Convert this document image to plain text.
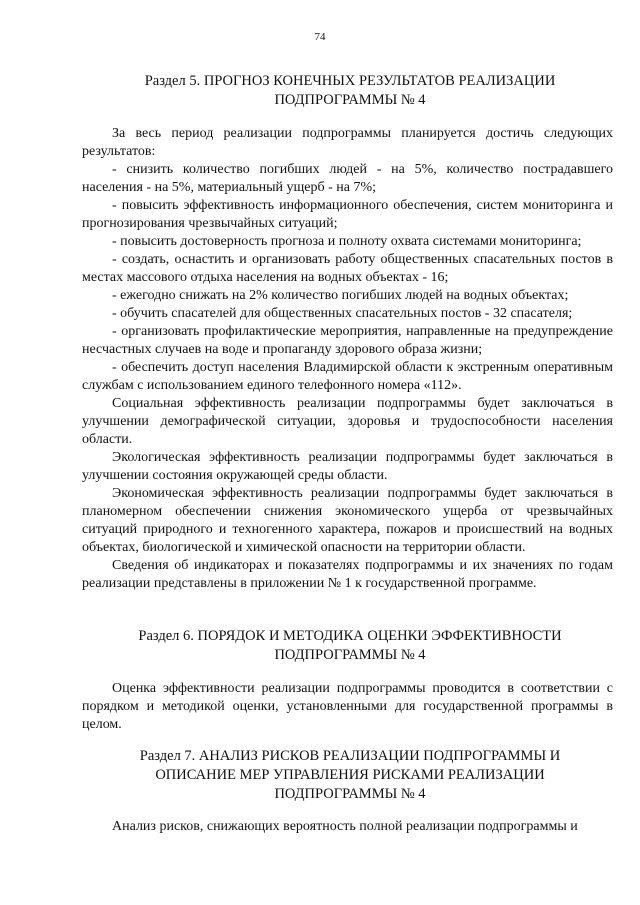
74
Раздел 5. ПРОГНОЗ КОНЕЧНЫХ РЕЗУЛЬТАТОВ РЕАЛИЗАЦИИ
ПОДПРОГРАММЫ № 4

За весь период реализации подпрограммы планируется достичь следующих результатов:

- снизить количество погибших людей - на 5%, количество пострадавшего населения - на 5%, материальный ущерб - на 7%;

- повысить эффективность информационного обеспечения, систем мониторинга и прогнозирования чрезвычайных ситуаций;

- повысить достоверность прогноза и полноту охвата системами мониторинга;

- создать, оснастить и организовать работу общественных спасательных постов в местах массового отдыха населения на водных объектах - 16;

- ежегодно снижать на 2% количество погибших людей на водных объектах;

- обучить спасателей для общественных спасательных постов - 32 спасателя;

- организовать профилактические мероприятия, направленные на предупреждение несчастных случаев на воде и пропаганду здорового образа жизни;

- обеспечить доступ населения Владимирской области к экстренным оперативным службам с использованием единого телефонного номера «112».

Социальная эффективность реализации подпрограммы будет заключаться в улучшении демографической ситуации, здоровья и трудоспособности населения области.

Экологическая эффективность реализации подпрограммы будет заключаться в улучшении состояния окружающей среды области.

Экономическая эффективность реализации подпрограммы будет заключаться в планомерном обеспечении снижения экономического ущерба от чрезвычайных ситуаций природного и техногенного характера, пожаров и происшествий на водных объектах, биологической и химической опасности на территории области.

Сведения об индикаторах и показателях подпрограммы и их значениях по годам реализации представлены в приложении № 1 к государственной программе.

Раздел 6. ПОРЯДОК И МЕТОДИКА ОЦЕНКИ ЭФФЕКТИВНОСТИ
ПОДПРОГРАММЫ № 4
Оценка эффективности реализации подпрограммы проводится в соответствии с порядком и методикой оценки, установленными для государственной программы в целом.
Раздел 7. АНАЛИЗ РИСКОВ РЕАЛИЗАЦИИ ПОДПРОГРАММЫ И
ОПИСАНИЕ МЕР УПРАВЛЕНИЯ РИСКАМИ РЕАЛИЗАЦИИ
ПОДПРОГРАММЫ № 4
Анализ рисков, снижающих вероятность полной реализации подпрограммы и
